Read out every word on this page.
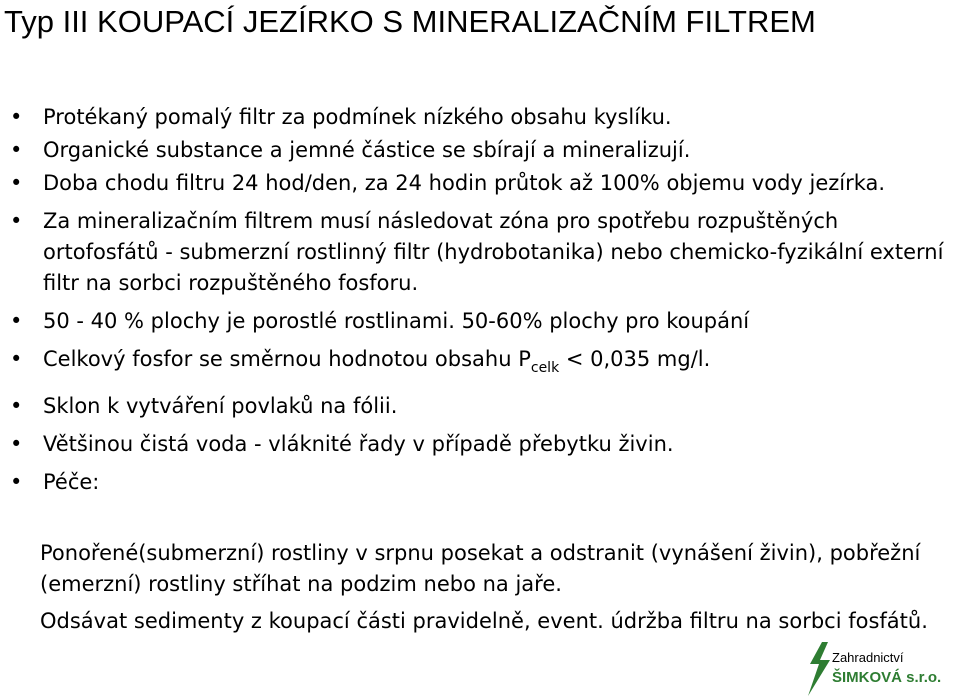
Typ III KOUPACÍ JEZÍRKO S MINERALIZAČNÍM FILTREM
• Protékaný pomalý filtr za podmínek nízkého obsahu kyslíku.
• Organické substance a jemné částice se sbírají a mineralizují.
• Doba chodu filtru 24 hod/den, za 24 hodin průtok až 100% objemu vody jezírka.
• Za mineralizačním filtrem musí následovat zóna pro spotřebu rozpuštěných ortofosfátů - submerzní rostlinný filtr (hydrobotanika) nebo chemicko-fyzikální externí filtr na sorbci rozpuštěného fosforu.
• 50 - 40 % plochy je porostlé rostlinami. 50-60% plochy pro koupání
• Celkový fosfor se směrnou hodnotou obsahu $P_{celk} < 0,035$ mg/l.
• Sklon k vytváření povlaků na fólii.
• Většinou čistá voda - vláknité řady v případě přebytku živin.
• Péče:
Ponořené(submerzní) rostliny v srpnu posekat a odstranit (vynášení živin), pobřežní (emerzní) rostliny stříhat na podzim nebo na jaře.
Odsávat sedimenty z koupací části pravidelně, event. údržba filtru na sorbci fosfátů.
Zahradnictví
ŠIMKOVÁ s.r.o.
